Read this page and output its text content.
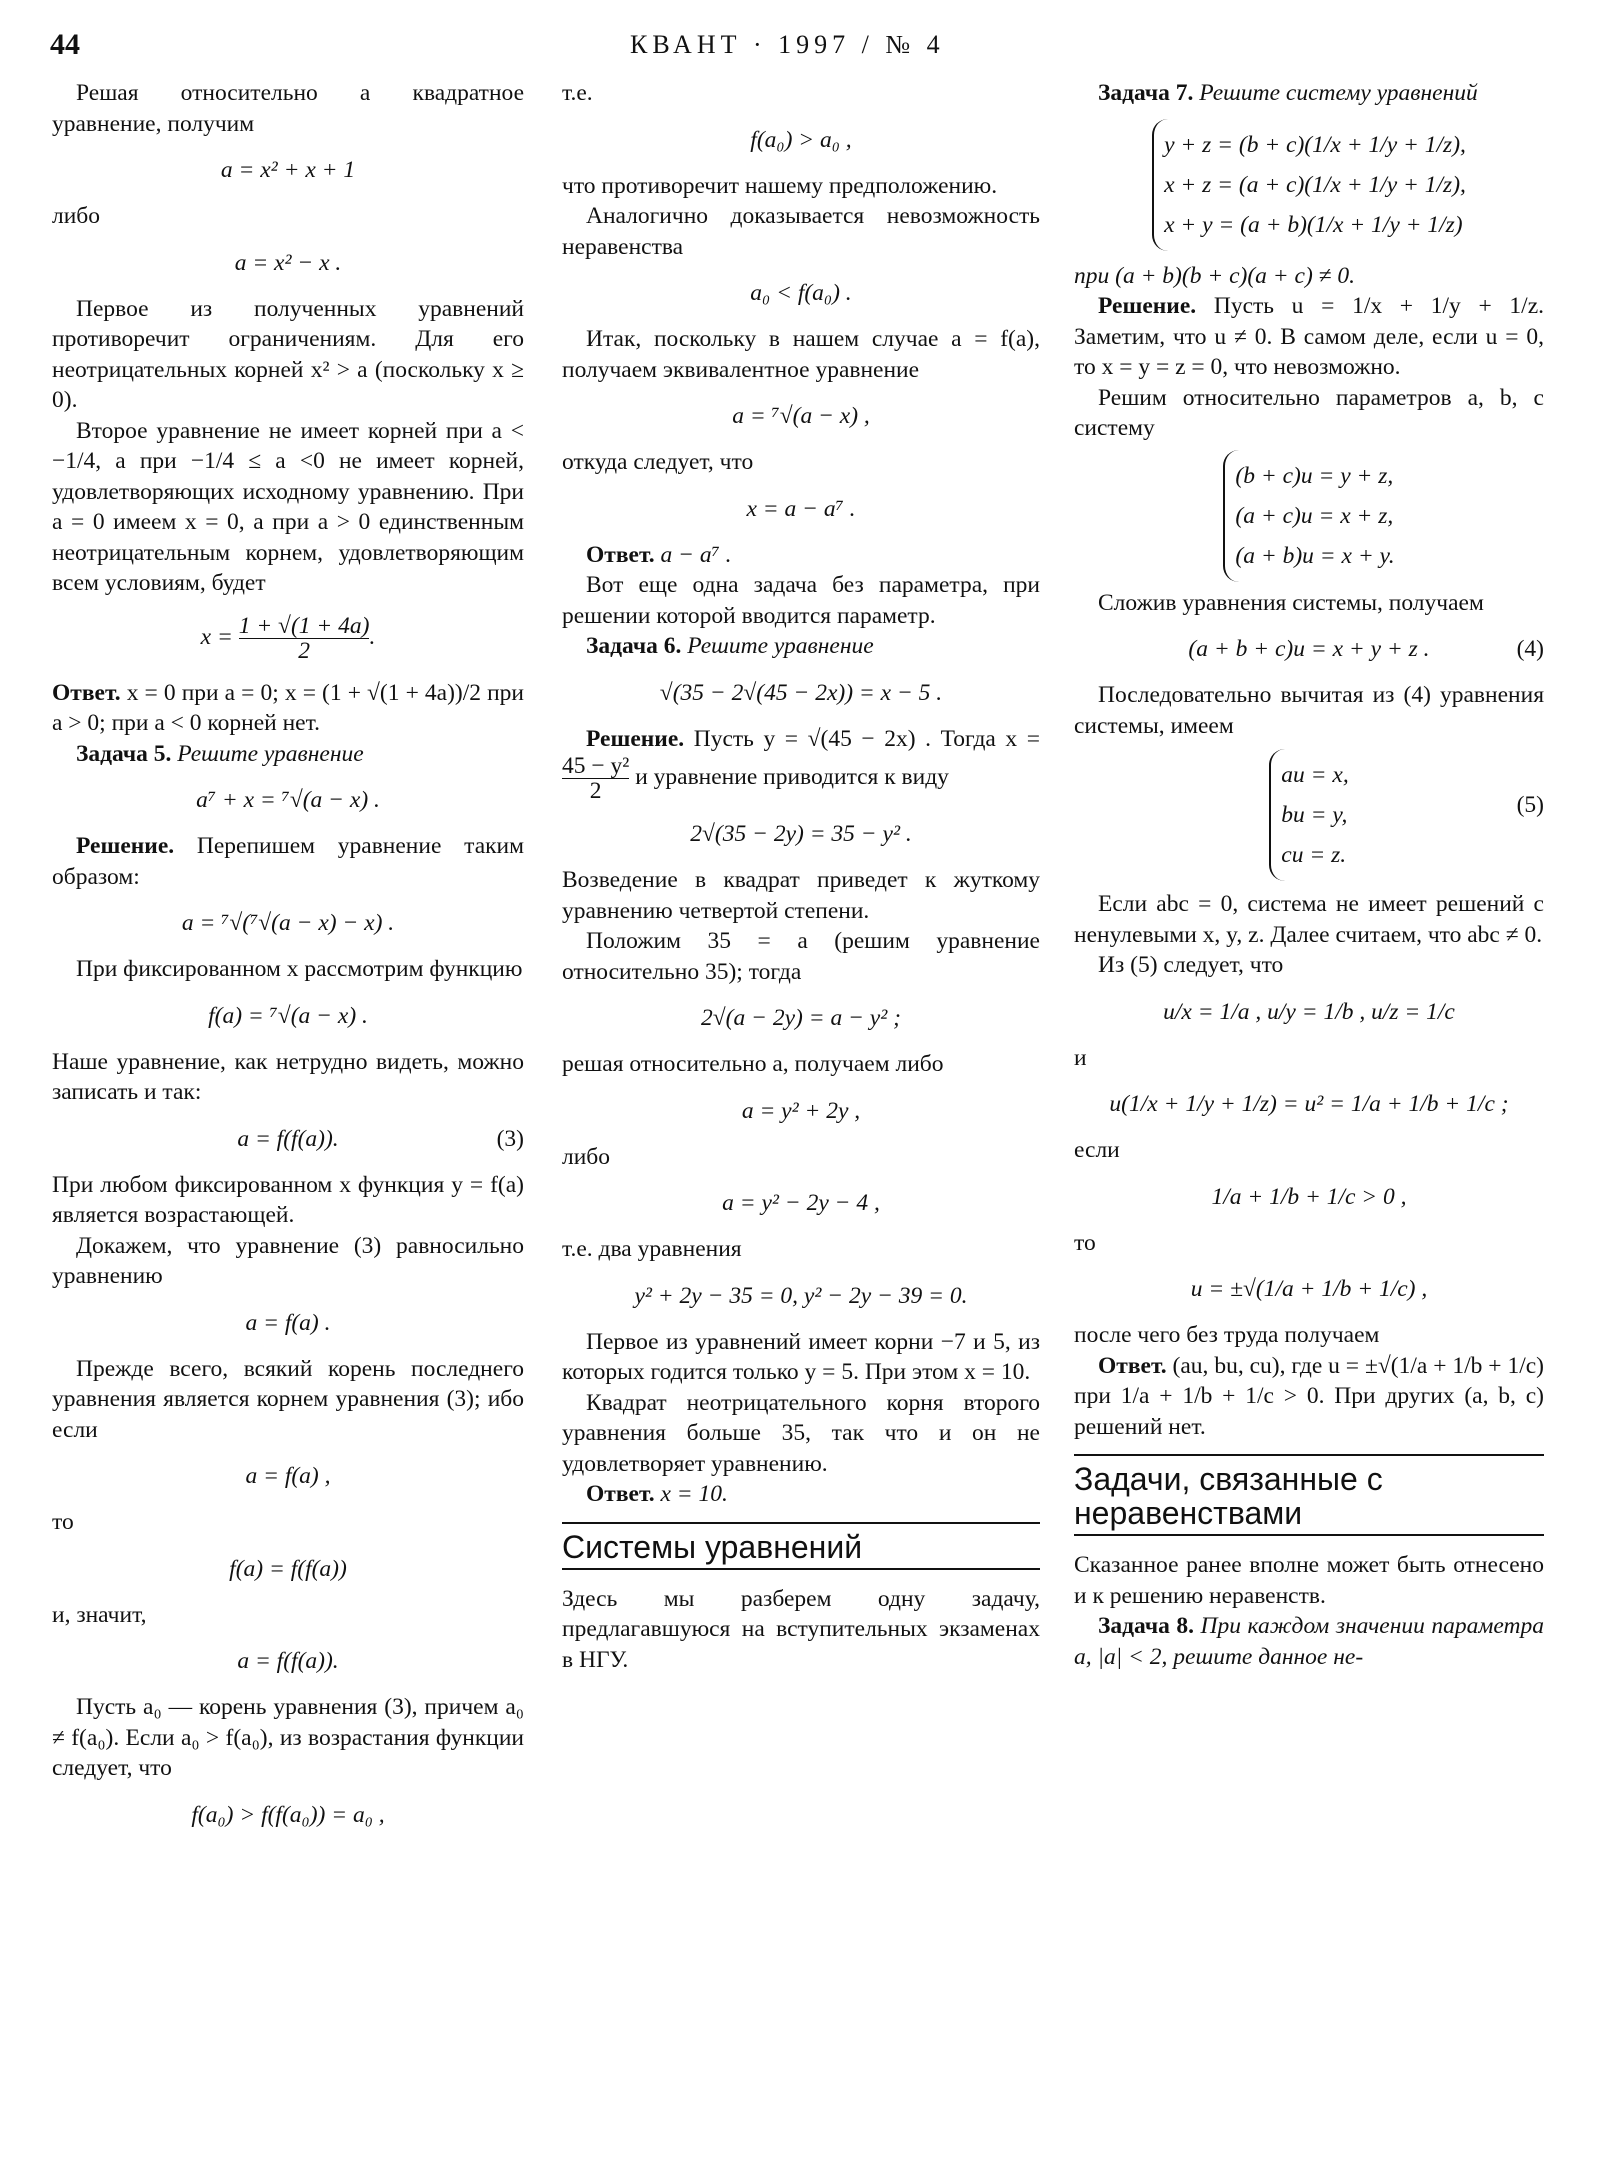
44	КВАНТ · 1997 / № 4

Решая относительно a квадратное уравнение, получим

a = x² + x + 1

либо

a = x² − x .

Первое из полученных уравнений противоречит ограничениям. Для его неотрицательных корней x² > a (поскольку x ≥ 0).

Второе уравнение не имеет корней при a < −1/4, а при −1/4 ≤ a <0 не имеет корней, удовлетворяющих исходному уравнению. При a = 0 имеем x = 0, а при a > 0 единственным неотрицательным корнем, удовлетворяющим всем условиям, будет

$x = \frac{1 + √(1 + 4a)}{2}$ .

Ответ. x = 0 при a = 0; x = (1 + √(1 + 4a))/2 при a > 0; при a < 0 корней нет.

Задача 5. Решите уравнение

a⁷ + x = ⁷√(a − x) .

Решение. Перепишем уравнение таким образом:

a = ⁷√(⁷√(a − x) − x) .

При фиксированном x рассмотрим функцию

f(a) = ⁷√(a − x) .

Наше уравнение, как нетрудно видеть, можно записать и так:

a = f(f(a)).	(3)

При любом фиксированном x функция y = f(a) является возрастающей.

Докажем, что уравнение (3) равносильно уравнению

a = f(a) .

Прежде всего, всякий корень последнего уравнения является корнем уравнения (3); ибо если

a = f(a) ,

то

f(a) = f(f(a))

и, значит,

a = f(f(a)).

Пусть a₀ — корень уравнения (3), причем a₀ ≠ f(a₀). Если a₀ > f(a₀), из возрастания функции следует, что

f(a₀) > f(f(a₀)) = a₀ ,

т.е.

f(a₀) > a₀ ,

что противоречит нашему предположению.

Аналогично доказывается невозможность неравенства

a₀ < f(a₀) .

Итак, поскольку в нашем случае a = f(a), получаем эквивалентное уравнение

a = ⁷√(a − x) ,

откуда следует, что

x = a − a⁷ .

Ответ. a − a⁷ .

Вот еще одна задача без параметра, при решении которой вводится параметр.

Задача 6. Решите уравнение

√(35 − 2√(45 − 2x)) = x − 5 .

Решение. Пусть y = √(45 − 2x) . Тогда x =
$\frac{\text{45 − y²}}{2}$ и уравнение приводится к виду

2√(35 − 2y) = 35 − y² .

Возведение в квадрат приведет к жуткому уравнению четвертой степени.

Положим 35 = a (решим уравнение относительно 35); тогда

2√(a − 2y) = a − y² ;

решая относительно a, получаем либо

a = y² + 2y ,

либо

a = y² − 2y − 4 ,

т.е. два уравнения

y² + 2y − 35 = 0, y² − 2y − 39 = 0.

Первое из уравнений имеет корни −7 и 5, из которых годится только y = 5. При этом x = 10.

Квадрат неотрицательного корня второго уравнения больше 35, так что и он не удовлетворяет уравнению.

Ответ. x = 10.

Системы уравнений

Здесь мы разберем одну задачу, предлагавшуюся на вступительных экзаменах в НГУ.

Задача 7. Решите систему уравнений

y + z = (b + c)(1/x + 1/y + 1/z),
x + z = (a + c)(1/x + 1/y + 1/z),
x + y = (a + b)(1/x + 1/y + 1/z)

при (a + b)(b + c)(a + c) ≠ 0.

Решение. Пусть u = 1/x + 1/y + 1/z. Заметим, что u ≠ 0. В самом деле, если u = 0, то x = y = z = 0, что невозможно.

Решим относительно параметров a, b, c систему

(b + c)u = y + z,
(a + c)u = x + z,
(a + b)u = x + y.

Сложив уравнения системы, получаем

(a + b + c)u = x + y + z .	(4)

Последовательно вычитая из (4) уравнения системы, имеем

au = x,
bu = y,
cu = z.
(5)

Если abc = 0, система не имеет решений с ненулевыми x, y, z. Далее считаем, что abc ≠ 0.

Из (5) следует, что

u/x = 1/a , u/y = 1/b , u/z = 1/c

и

u(1/x + 1/y + 1/z) = u² = 1/a + 1/b + 1/c ;

если

1/a + 1/b + 1/c > 0 ,

то

u = ±√(1/a + 1/b + 1/c) ,

после чего без труда получаем

Ответ. (au, bu, cu), где u = ±√(1/a + 1/b + 1/c) при 1/a + 1/b + 1/c > 0. При других (a, b, c) решений нет.

Задачи, связанные с неравенствами

Сказанное ранее вполне может быть отнесено и к решению неравенств.

Задача 8. При каждом значении параметра a, |a| < 2, решите данное не-
